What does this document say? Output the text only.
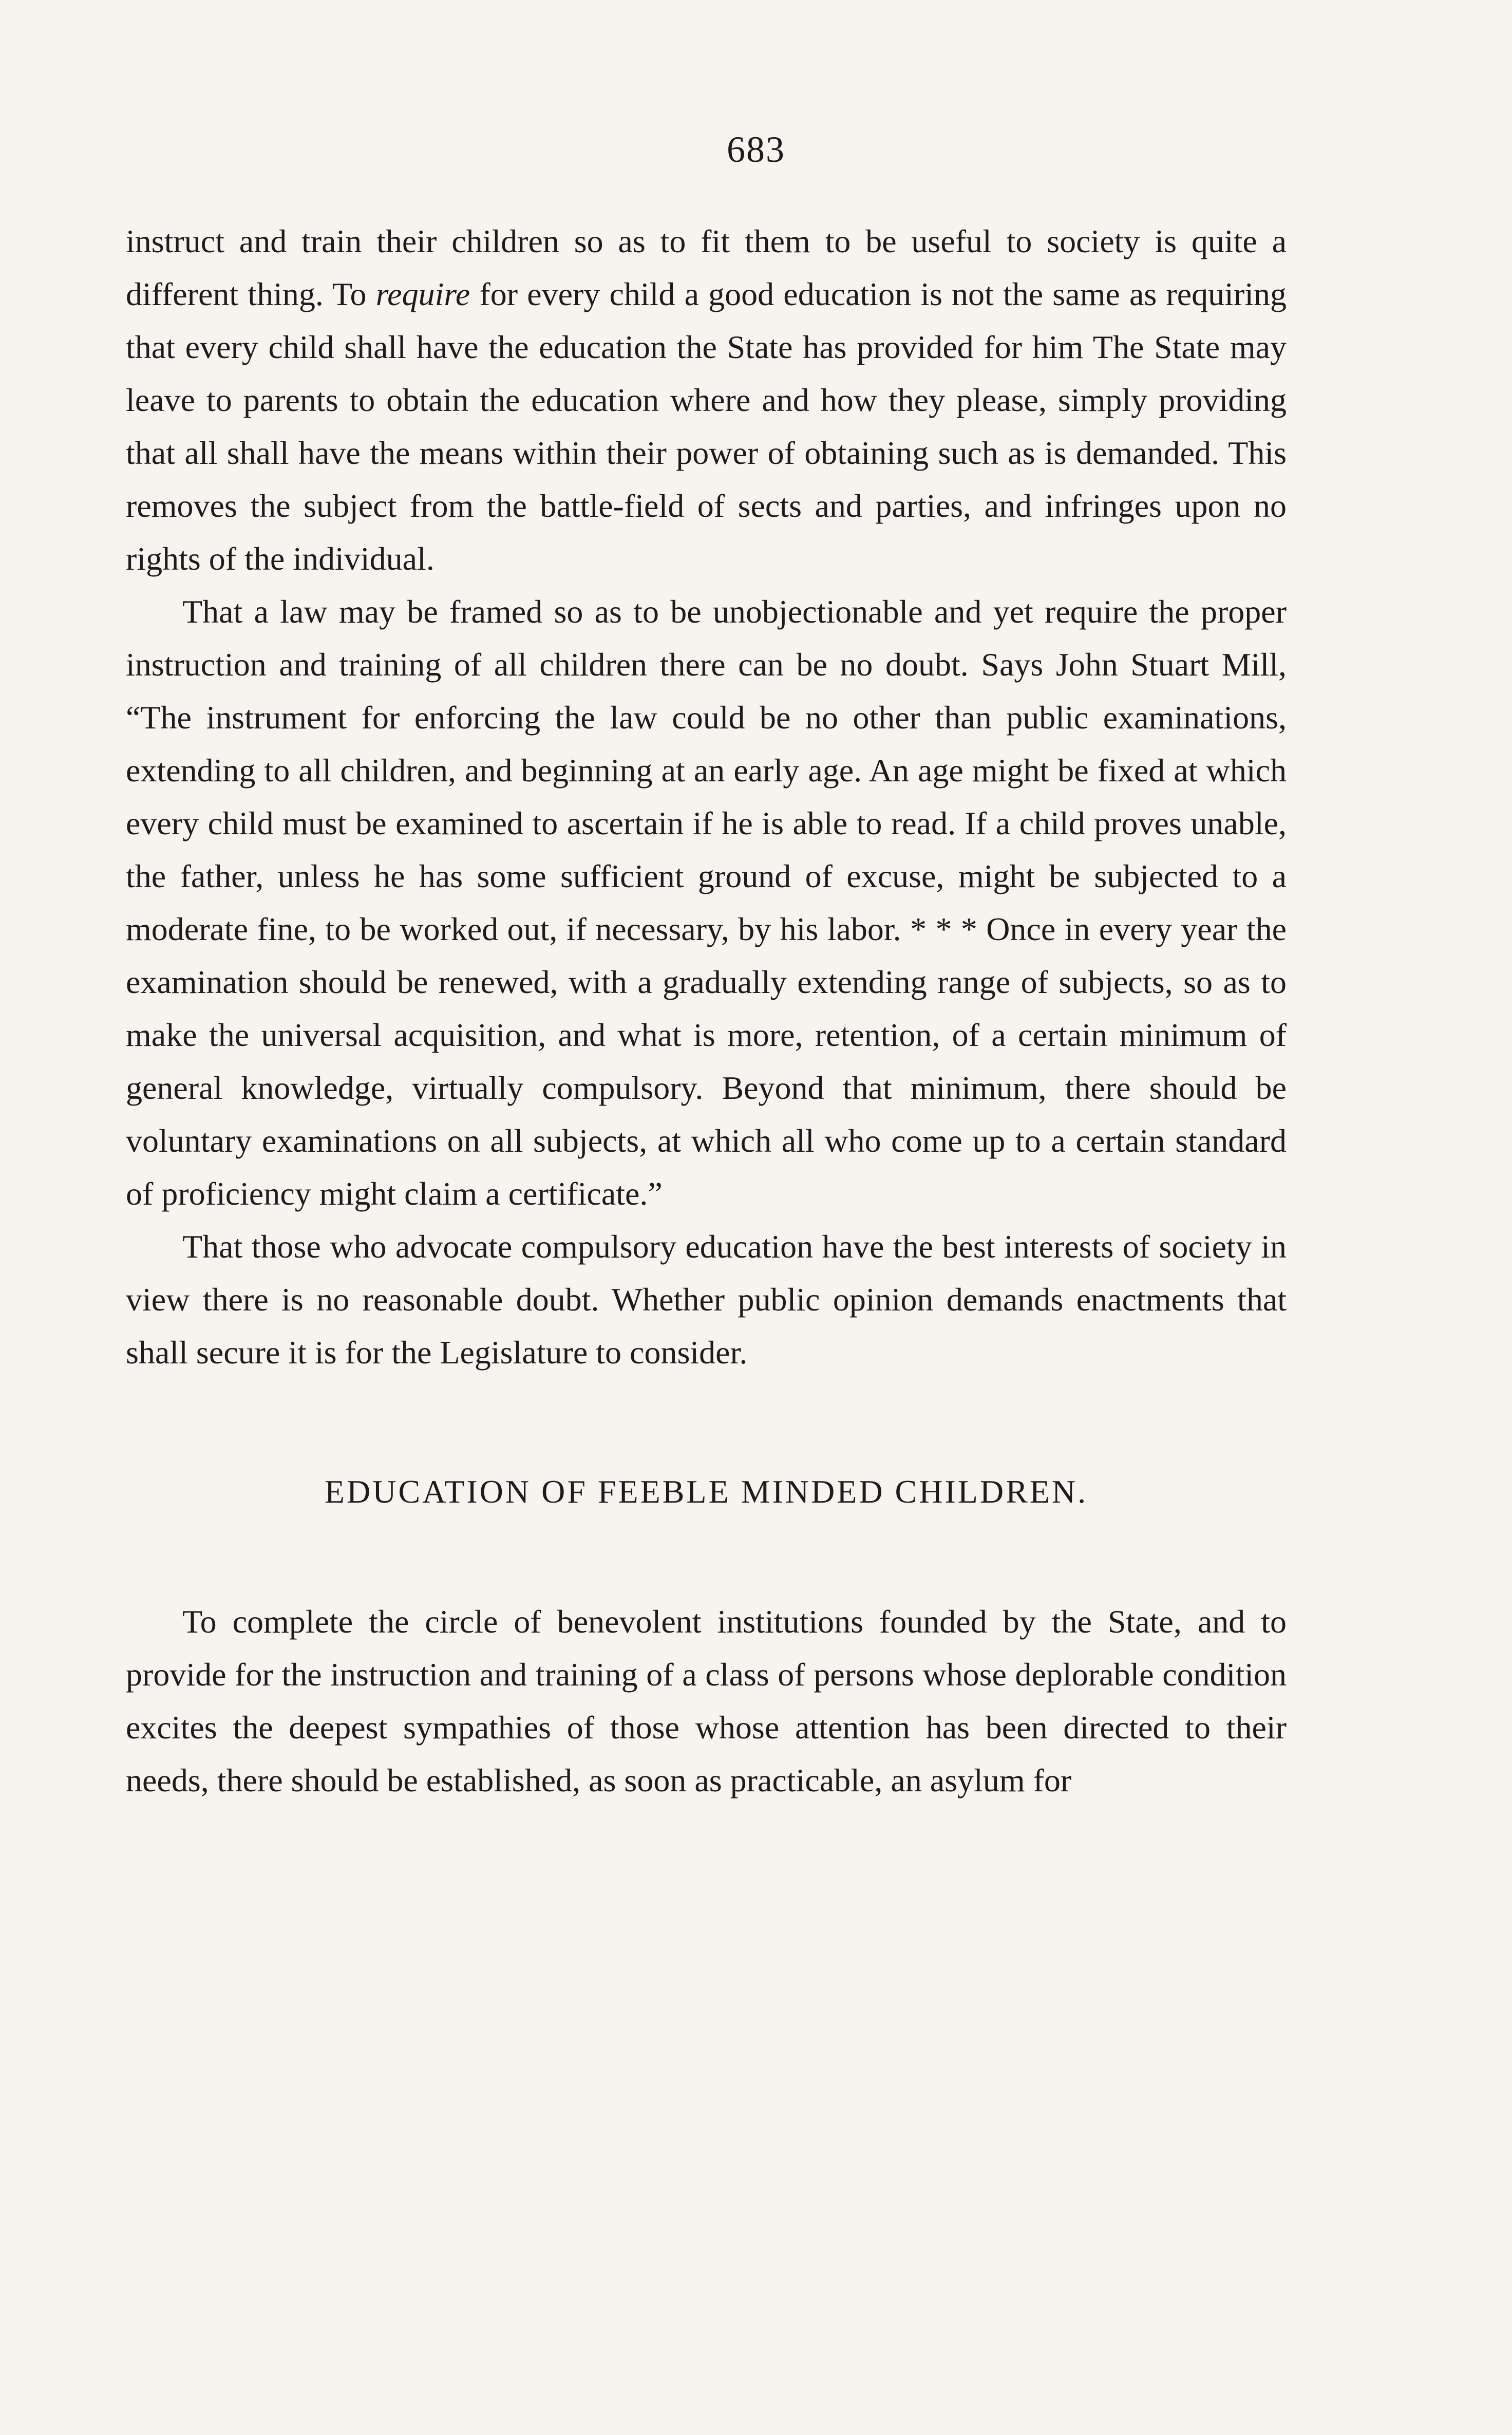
683

instruct and train their children so as to fit them to be useful to society is quite a different thing. To require for every child a good education is not the same as requiring that every child shall have the education the State has provided for him The State may leave to parents to obtain the education where and how they please, simply providing that all shall have the means within their power of obtaining such as is demanded. This removes the subject from the battle-field of sects and parties, and infringes upon no rights of the individual.

That a law may be framed so as to be unobjectionable and yet require the proper instruction and training of all children there can be no doubt. Says John Stuart Mill, “The instrument for enforcing the law could be no other than public examinations, extending to all children, and beginning at an early age. An age might be fixed at which every child must be examined to ascertain if he is able to read. If a child proves unable, the father, unless he has some sufficient ground of excuse, might be subjected to a moderate fine, to be worked out, if necessary, by his labor. * * * Once in every year the examination should be renewed, with a gradually extending range of subjects, so as to make the universal acquisition, and what is more, retention, of a certain minimum of general knowledge, virtually compulsory. Beyond that minimum, there should be voluntary examinations on all subjects, at which all who come up to a certain standard of proficiency might claim a certificate.”

That those who advocate compulsory education have the best interests of society in view there is no reasonable doubt. Whether public opinion demands enactments that shall secure it is for the Legislature to consider.

EDUCATION OF FEEBLE MINDED CHILDREN.

To complete the circle of benevolent institutions founded by the State, and to provide for the instruction and training of a class of persons whose deplorable condition excites the deepest sympathies of those whose attention has been directed to their needs, there should be established, as soon as practicable, an asylum for
